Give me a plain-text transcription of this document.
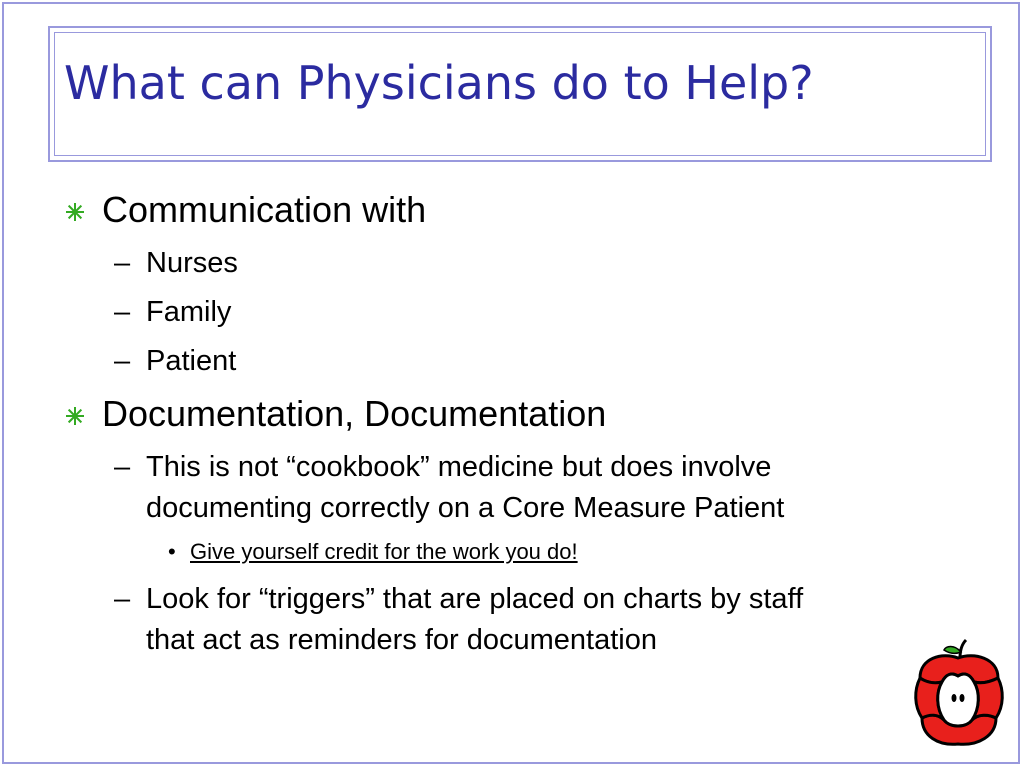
What can Physicians do to Help?
Communication with
– Nurses
– Family
– Patient
Documentation, Documentation
– This is not “cookbook” medicine but does involve
documenting correctly on a Core Measure Patient
• Give yourself credit for the work you do!
– Look for “triggers” that are placed on charts by staff
that act as reminders for documentation
